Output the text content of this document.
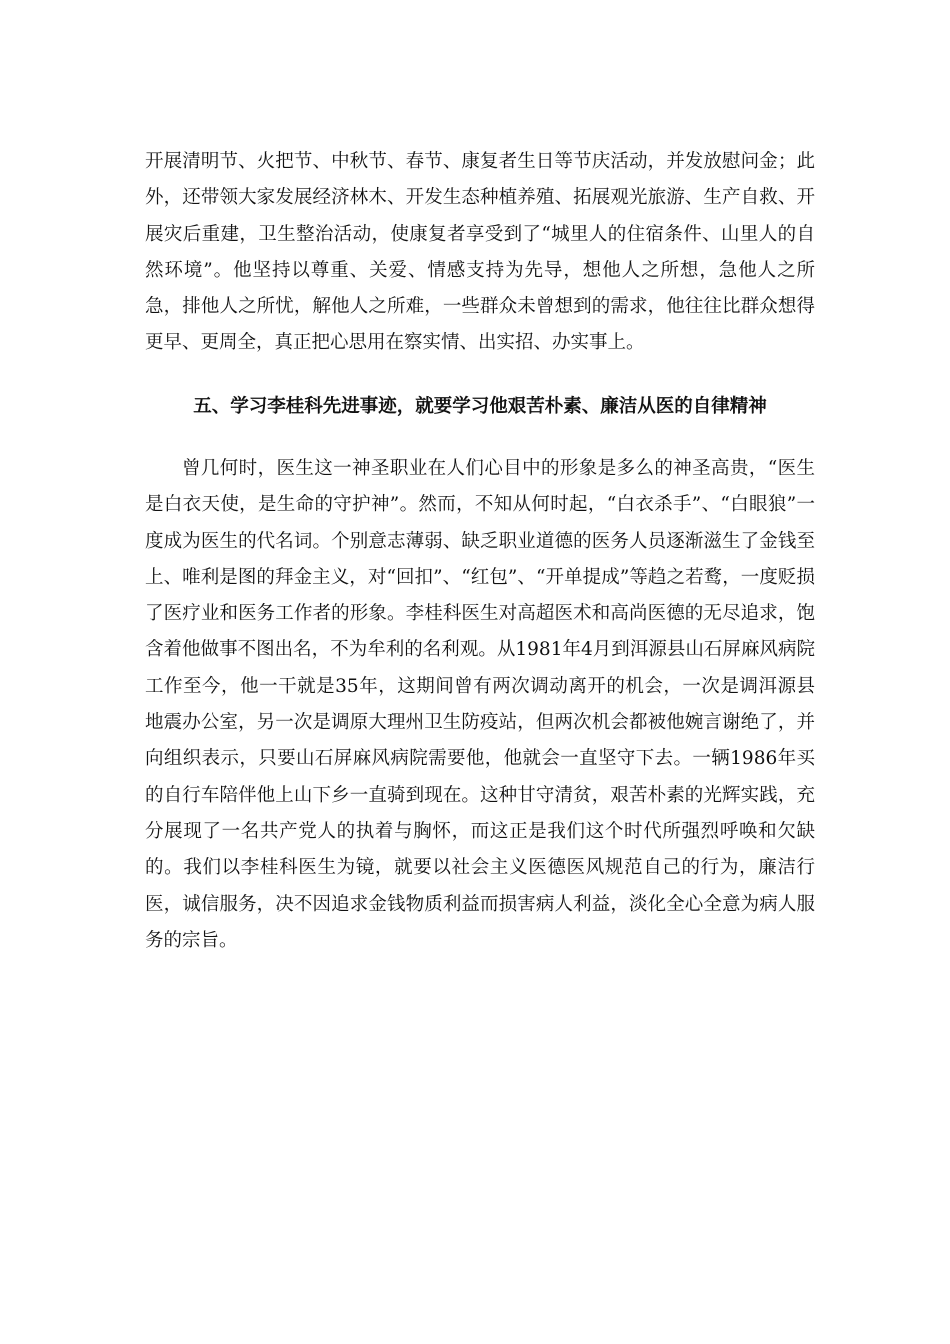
开展清明节、火把节、中秋节、春节、康复者生日等节庆活动，并发放慰问金；此外，还带领大家发展经济林木、开发生态种植养殖、拓展观光旅游、生产自救、开展灾后重建，卫生整治活动，使康复者享受到了“城里人的住宿条件、山里人的自然环境”。他坚持以尊重、关爱、情感支持为先导，想他人之所想，急他人之所急，排他人之所忧，解他人之所难，一些群众未曾想到的需求，他往往比群众想得更早、更周全，真正把心思用在察实情、出实招、办实事上。

五、学习李桂科先进事迹，就要学习他艰苦朴素、廉洁从医的自律精神

曾几何时，医生这一神圣职业在人们心目中的形象是多么的神圣高贵，“医生是白衣天使，是生命的守护神”。然而，不知从何时起，“白衣杀手”、“白眼狼”一度成为医生的代名词。个别意志薄弱、缺乏职业道德的医务人员逐渐滋生了金钱至上、唯利是图的拜金主义，对“回扣”、“红包”、“开单提成”等趋之若鹜，一度贬损了医疗业和医务工作者的形象。李桂科医生对高超医术和高尚医德的无尽追求，饱含着他做事不图出名，不为牟利的名利观。从1981年4月到洱源县山石屏麻风病院工作至今，他一干就是35年，这期间曾有两次调动离开的机会，一次是调洱源县地震办公室，另一次是调原大理州卫生防疫站，但两次机会都被他婉言谢绝了，并向组织表示，只要山石屏麻风病院需要他，他就会一直坚守下去。一辆1986年买的自行车陪伴他上山下乡一直骑到现在。这种甘守清贫，艰苦朴素的光辉实践，充分展现了一名共产党人的执着与胸怀，而这正是我们这个时代所强烈呼唤和欠缺的。我们以李桂科医生为镜，就要以社会主义医德医风规范自己的行为，廉洁行医，诚信服务，决不因追求金钱物质利益而损害病人利益，淡化全心全意为病人服务的宗旨。
